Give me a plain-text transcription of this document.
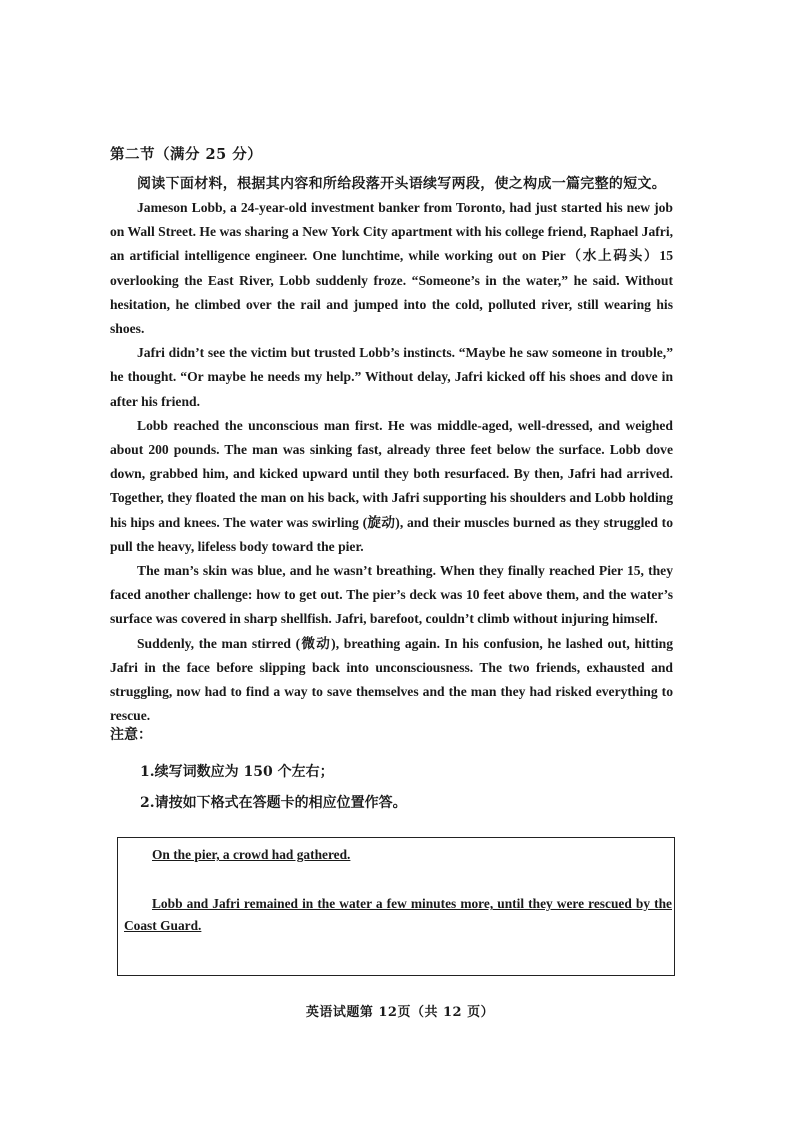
第二节（满分 25 分）
阅读下面材料，根据其内容和所给段落开头语续写两段，使之构成一篇完整的短文。

Jameson Lobb, a 24-year-old investment banker from Toronto, had just started his new job on Wall Street. He was sharing a New York City apartment with his college friend, Raphael Jafri, an artificial intelligence engineer. One lunchtime, while working out on Pier（水上码头）15 overlooking the East River, Lobb suddenly froze. “Someone’s in the water,” he said. Without hesitation, he climbed over the rail and jumped into the cold, polluted river, still wearing his shoes.

Jafri didn’t see the victim but trusted Lobb’s instincts. “Maybe he saw someone in trouble,” he thought. “Or maybe he needs my help.” Without delay, Jafri kicked off his shoes and dove in after his friend.

Lobb reached the unconscious man first. He was middle-aged, well-dressed, and weighed about 200 pounds. The man was sinking fast, already three feet below the surface. Lobb dove down, grabbed him, and kicked upward until they both resurfaced. By then, Jafri had arrived. Together, they floated the man on his back, with Jafri supporting his shoulders and Lobb holding his hips and knees. The water was swirling (旋动), and their muscles burned as they struggled to pull the heavy, lifeless body toward the pier.

The man’s skin was blue, and he wasn’t breathing. When they finally reached Pier 15, they faced another challenge: how to get out. The pier’s deck was 10 feet above them, and the water’s surface was covered in sharp shellfish. Jafri, barefoot, couldn’t climb without injuring himself.

Suddenly, the man stirred (微动), breathing again. In his confusion, he lashed out, hitting Jafri in the face before slipping back into unconsciousness. The two friends, exhausted and struggling, now had to find a way to save themselves and the man they had risked everything to rescue.

注意：
1.续写词数应为 150 个左右；
2.请按如下格式在答题卡的相应位置作答。
On the pier, a crowd had gathered.
Lobb and Jafri remained in the water a few minutes more, until they were rescued by the Coast Guard.
英语试题第 12页（共 12 页）
